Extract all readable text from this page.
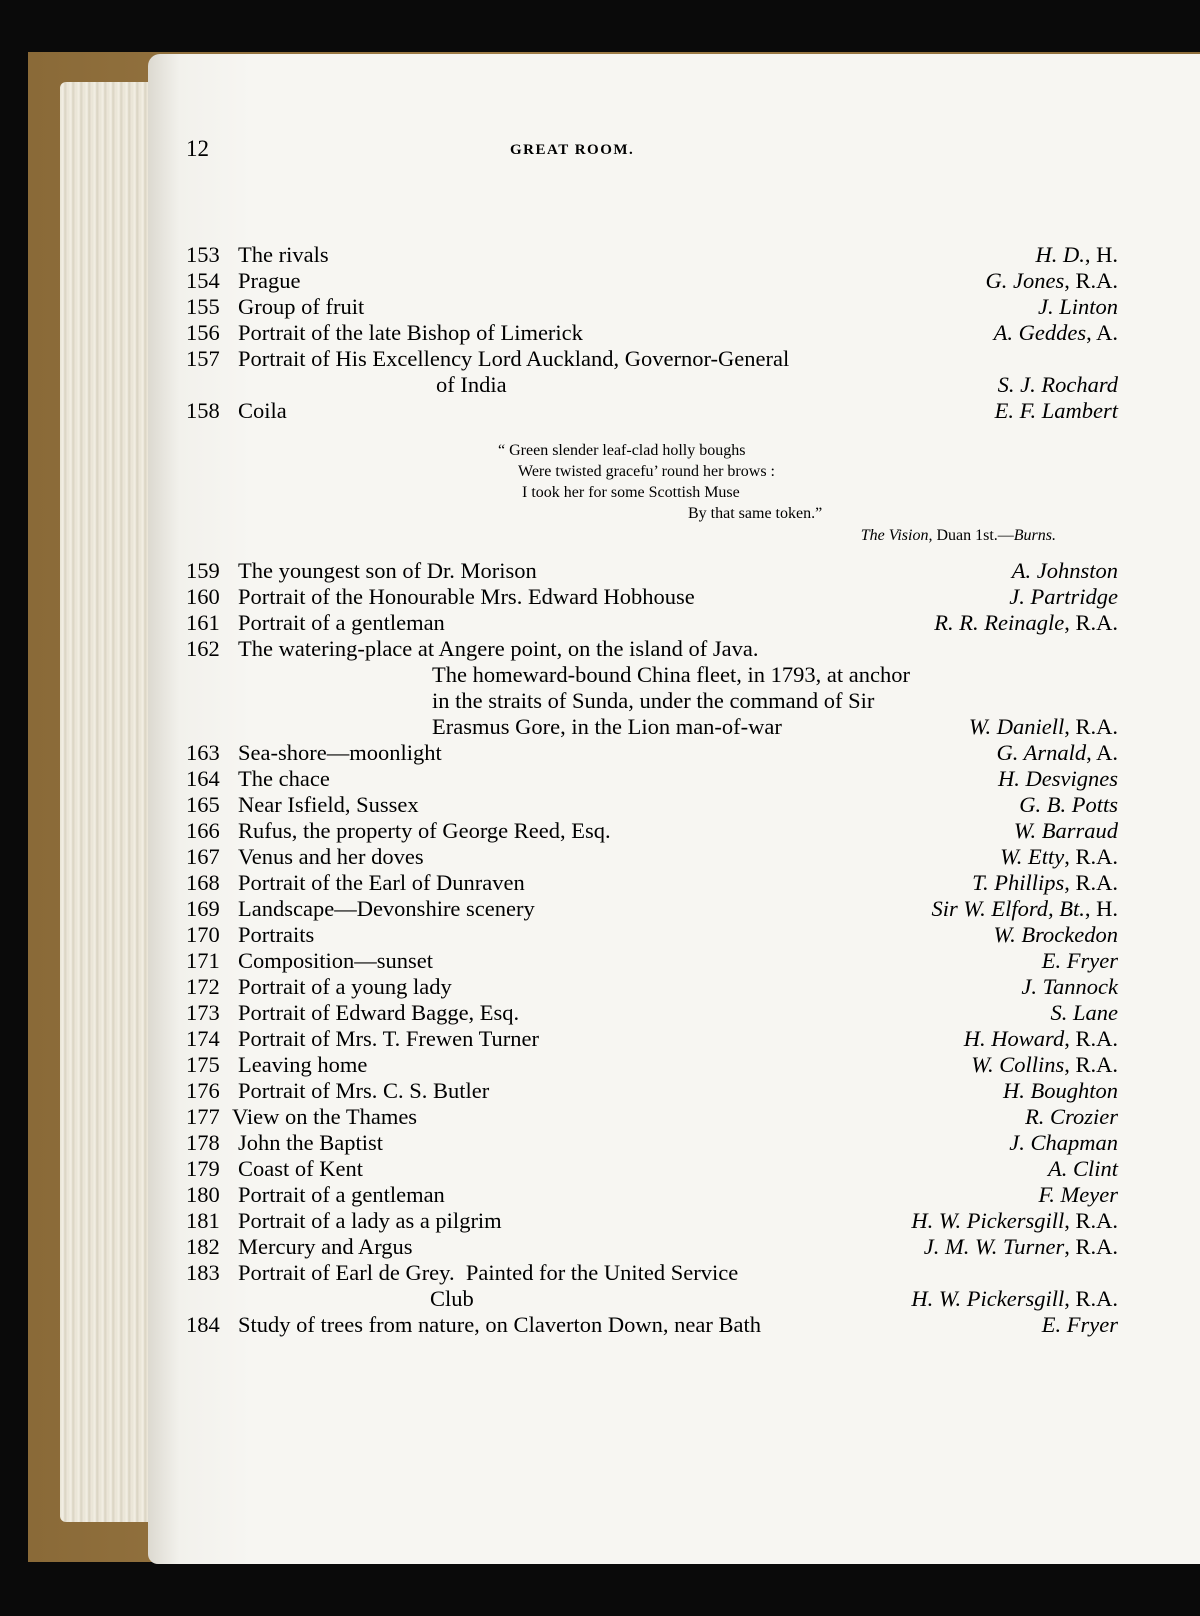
12	GREAT ROOM.
153 The rivals	H. D., H.
154 Prague	G. Jones, R.A.
155 Group of fruit	J. Linton
156 Portrait of the late Bishop of Limerick	A. Geddes, A.
157 Portrait of His Excellency Lord Auckland, Governor-General
of India	S. J. Rochard
158 Coila	E. F. Lambert
“ Green slender leaf-clad holly boughs
Were twisted gracefu’ round her brows :
I took her for some Scottish Muse
By that same token.”
The Vision, Duan 1st.—Burns.
159 The youngest son of Dr. Morison	A. Johnston
160 Portrait of the Honourable Mrs. Edward Hobhouse	J. Partridge
161 Portrait of a gentleman	R. R. Reinagle, R.A.
162 The watering-place at Angere point, on the island of Java.
The homeward-bound China fleet, in 1793, at anchor
in the straits of Sunda, under the command of Sir
Erasmus Gore, in the Lion man-of-war	W. Daniell, R.A.
163 Sea-shore—moonlight	G. Arnald, A.
164 The chace	H. Desvignes
165 Near Isfield, Sussex	G. B. Potts
166 Rufus, the property of George Reed, Esq.	W. Barraud
167 Venus and her doves	W. Etty, R.A.
168 Portrait of the Earl of Dunraven	T. Phillips, R.A.
169 Landscape—Devonshire scenery	Sir W. Elford, Bt., H.
170 Portraits	W. Brockedon
171 Composition—sunset	E. Fryer
172 Portrait of a young lady	J. Tannock
173 Portrait of Edward Bagge, Esq.	S. Lane
174 Portrait of Mrs. T. Frewen Turner	H. Howard, R.A.
175 Leaving home	W. Collins, R.A.
176 Portrait of Mrs. C. S. Butler	H. Boughton
177 View on the Thames	R. Crozier
178 John the Baptist	J. Chapman
179 Coast of Kent	A. Clint
180 Portrait of a gentleman	F. Meyer
181 Portrait of a lady as a pilgrim	H. W. Pickersgill, R.A.
182 Mercury and Argus	J. M. W. Turner, R.A.
183 Portrait of Earl de Grey.  Painted for the United Service
Club	H. W. Pickersgill, R.A.
184 Study of trees from nature, on Claverton Down, near Bath	E. Fryer
